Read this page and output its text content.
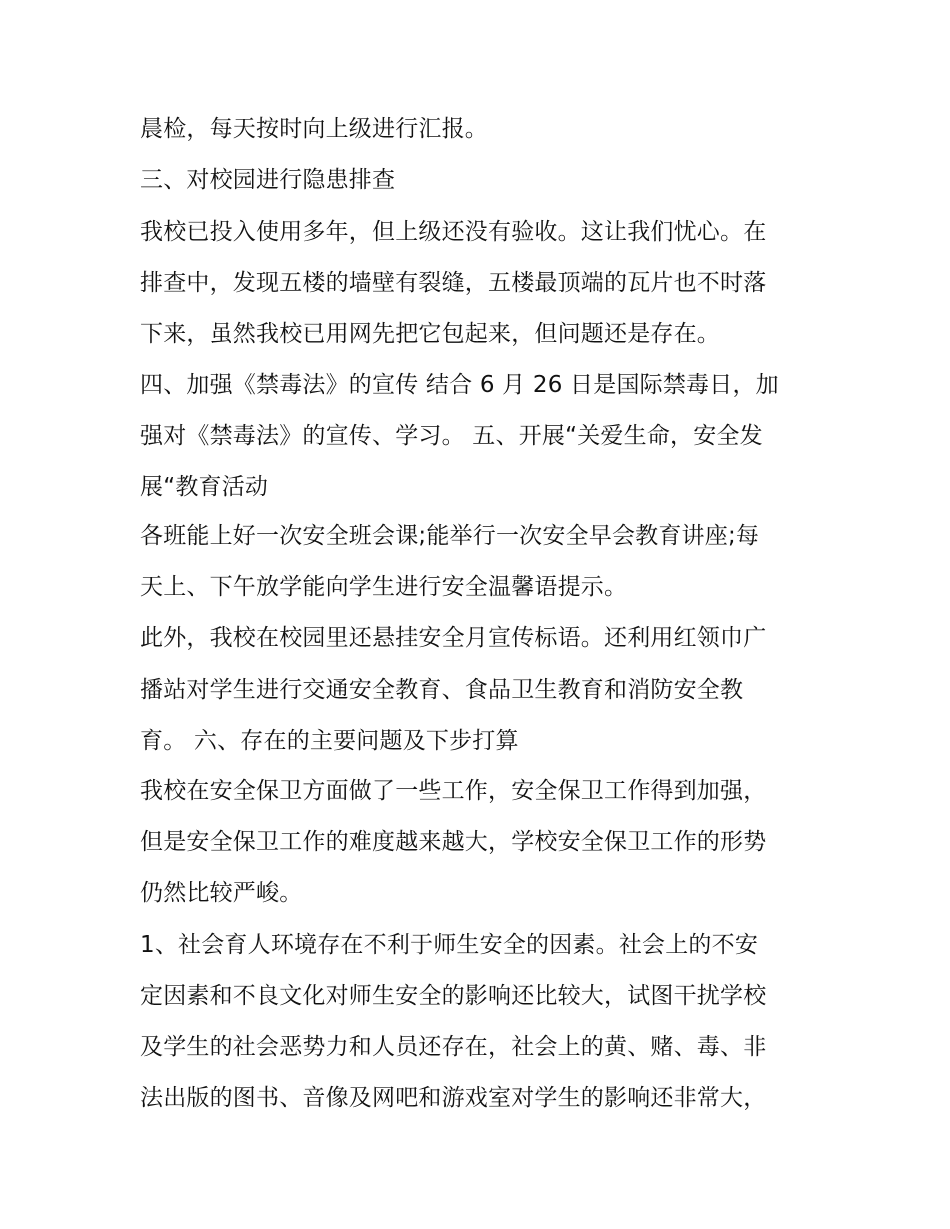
晨检，每天按时向上级进行汇报。
三、对校园进行隐患排查
我校已投入使用多年，但上级还没有验收。这让我们忧心。在
排查中，发现五楼的墙壁有裂缝，五楼最顶端的瓦片也不时落
下来，虽然我校已用网先把它包起来，但问题还是存在。
四、加强《禁毒法》的宣传 结合 6 月 26 日是国际禁毒日，加
强对《禁毒法》的宣传、学习。 五、开展“关爱生命，安全发
展“教育活动
各班能上好一次安全班会课;能举行一次安全早会教育讲座;每
天上、下午放学能向学生进行安全温馨语提示。
此外，我校在校园里还悬挂安全月宣传标语。还利用红领巾广
播站对学生进行交通安全教育、食品卫生教育和消防安全教
育。 六、存在的主要问题及下步打算
我校在安全保卫方面做了一些工作，安全保卫工作得到加强，
但是安全保卫工作的难度越来越大，学校安全保卫工作的形势
仍然比较严峻。
1、社会育人环境存在不利于师生安全的因素。社会上的不安
定因素和不良文化对师生安全的影响还比较大，试图干扰学校
及学生的社会恶势力和人员还存在，社会上的黄、赌、毒、非
法出版的图书、音像及网吧和游戏室对学生的影响还非常大，
